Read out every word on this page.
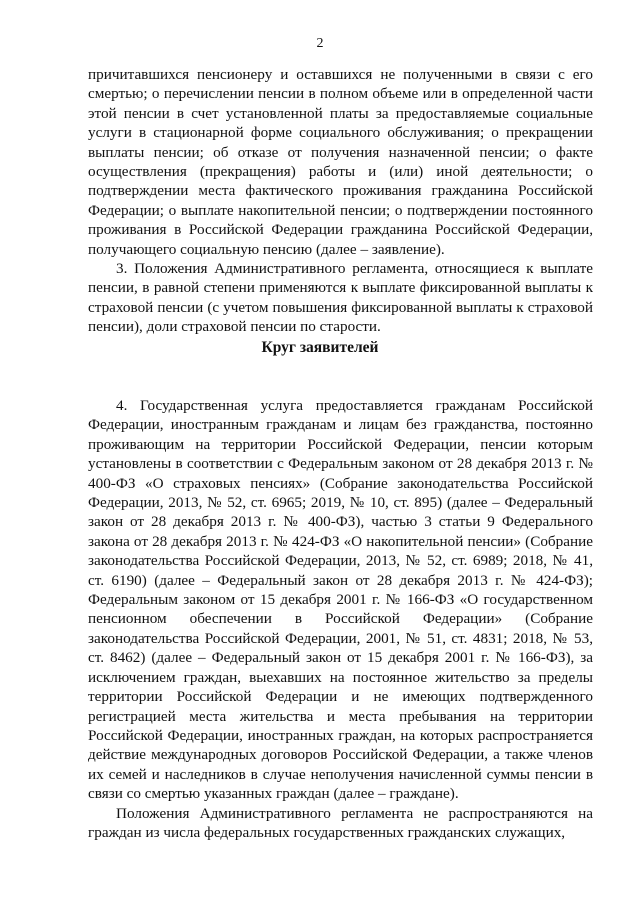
2

причитавшихся пенсионеру и оставшихся не полученными в связи с его смертью; о перечислении пенсии в полном объеме или в определенной части этой пенсии в счет установленной платы за предоставляемые социальные услуги в стационарной форме социального обслуживания; о прекращении выплаты пенсии; об отказе от получения назначенной пенсии; о факте осуществления (прекращения) работы и (или) иной деятельности; о подтверждении места фактического проживания гражданина Российской Федерации; о выплате накопительной пенсии; о подтверждении постоянного проживания в Российской Федерации гражданина Российской Федерации, получающего социальную пенсию (далее – заявление).

3. Положения Административного регламента, относящиеся к выплате пенсии, в равной степени применяются к выплате фиксированной выплаты к страховой пенсии (с учетом повышения фиксированной выплаты к страховой пенсии), доли страховой пенсии по старости.

Круг заявителей

4. Государственная услуга предоставляется гражданам Российской Федерации, иностранным гражданам и лицам без гражданства, постоянно проживающим на территории Российской Федерации, пенсии которым установлены в соответствии с Федеральным законом от 28 декабря 2013 г. № 400-ФЗ «О страховых пенсиях» (Собрание законодательства Российской Федерации, 2013, № 52, ст. 6965; 2019, № 10, ст. 895) (далее – Федеральный закон от 28 декабря 2013 г. № 400-ФЗ), частью 3 статьи 9 Федерального закона от 28 декабря 2013 г. № 424-ФЗ «О накопительной пенсии» (Собрание законодательства Российской Федерации, 2013, № 52, ст. 6989; 2018, № 41, ст. 6190) (далее – Федеральный закон от 28 декабря 2013 г. № 424-ФЗ); Федеральным законом от 15 декабря 2001 г. № 166-ФЗ «О государственном пенсионном обеспечении в Российской Федерации» (Собрание законодательства Российской Федерации, 2001, № 51, ст. 4831; 2018, № 53, ст. 8462) (далее – Федеральный закон от 15 декабря 2001 г. № 166-ФЗ), за исключением граждан, выехавших на постоянное жительство за пределы территории Российской Федерации и не имеющих подтвержденного регистрацией места жительства и места пребывания на территории Российской Федерации, иностранных граждан, на которых распространяется действие международных договоров Российской Федерации, а также членов их семей и наследников в случае неполучения начисленной суммы пенсии в связи со смертью указанных граждан (далее – граждане).

Положения Административного регламента не распространяются на граждан из числа федеральных государственных гражданских служащих,
